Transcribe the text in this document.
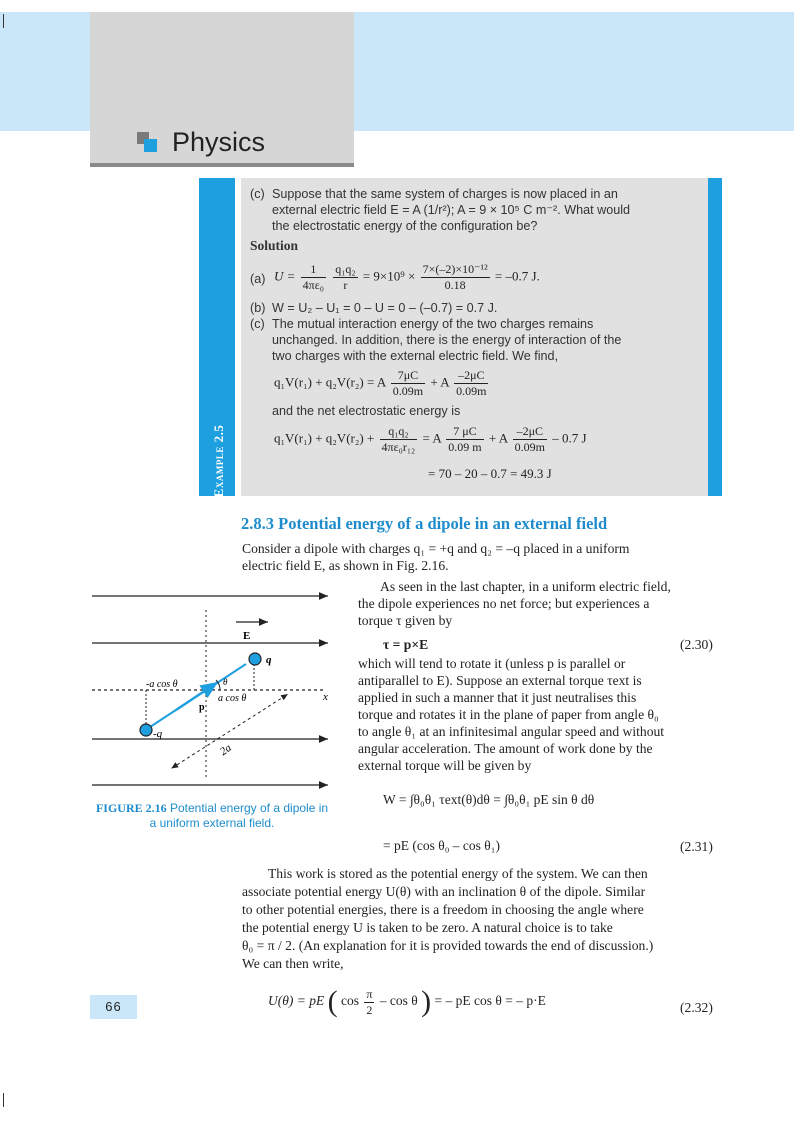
Physics
Example 2.5
(c) Suppose that the same system of charges is now placed in an
external electric field E = A (1/r²); A = 9 × 10⁵ C m⁻². What would
the electrostatic energy of the configuration be?
Solution
(a) $U = \frac{1}{\text{4πε₀}}$
$\frac{\text{q₁q₂}}{r} = 9\times 10^9 \times \frac{\text{7×(–2)×10⁻¹²}}{0.18} = -0.7$ J.
(b) W = U₂ – U₁ = 0 – U = 0 – (–0.7) = 0.7 J.
(c) The mutual interaction energy of the two charges remains
unchanged. In addition, there is the energy of interaction of the
two charges with the external electric field. We find,
q₁V(r₁) + q₂V(r₂) = A $\frac{7\mu C}{0.09m} + A \frac{-2\mu C}{0.09m}$
and the net electrostatic energy is
$q_1V(r_1) + q_2V(r_2) + \frac{\text{q₁q₂}}{\text{4πε₀r₁₂}} = A \frac{7 \mu C}{0.09 m} + A \frac{-2\mu C}{0.09m} - 0.7$ J
= 70 – 20 – 0.7 = 49.3 J
2.8.3 Potential energy of a dipole in an external field
Consider a dipole with charges q₁ = +q and q₂ = –q placed in a uniform
electric field E, as shown in Fig. 2.16.
As seen in the last chapter, in a uniform electric field,
the dipole experiences no net force; but experiences a
torque τ given by
τ = p×E	(2.30)
which will tend to rotate it (unless p is parallel or
antiparallel to E). Suppose an external torque τext is
applied in such a manner that it just neutralises this
torque and rotates it in the plane of paper from angle θ₀
to angle θ₁ at an infinitesimal angular speed and without
angular acceleration. The amount of work done by the
external torque will be given by
W = ∫θ₀θ₁ τext(θ)dθ = ∫θ₀θ₁ pE sin θ dθ
= pE (cos θ₀ – cos θ₁)	(2.31)
E
q
-q
-a cos θ
a cos θ
θ
p
x
2a
FIGURE 2.16 Potential energy of a dipole in a uniform external field.
This work is stored as the potential energy of the system. We can then
associate potential energy U(θ) with an inclination θ of the dipole. Similar
to other potential energies, there is a freedom in choosing the angle where
the potential energy U is taken to be zero. A natural choice is to take
θ₀ = π / 2. (An explanation for it is provided towards the end of discussion.)
We can then write,
U(θ) = pE ( $\cos \frac{\pi}{2}$ – cos θ ) = – pE cos θ = – p·E	(2.32)
66
